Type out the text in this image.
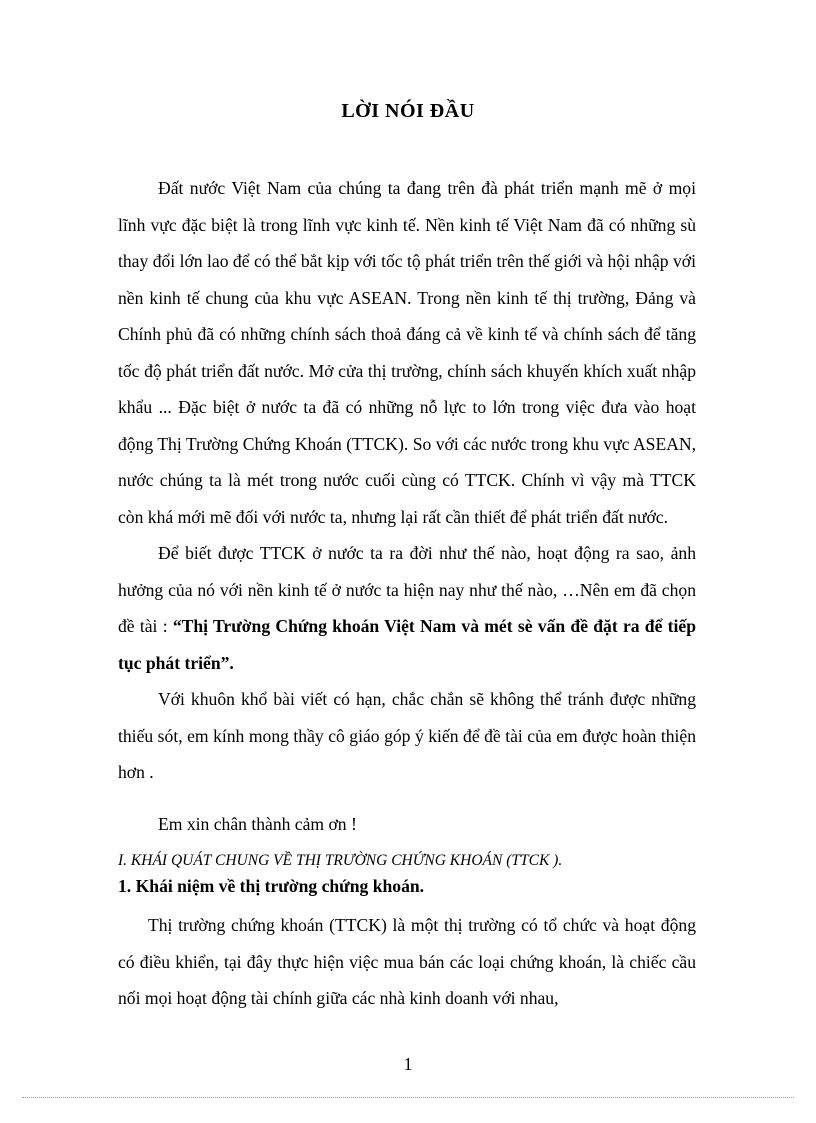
LỜI NÓI ĐẦU

Đất nước Việt Nam của chúng ta đang trên đà phát triển mạnh mẽ ở mọi lĩnh vực đặc biệt là trong lĩnh vực kinh tế. Nền kinh tế Việt Nam đã có những sù thay đổi lớn lao để có thể bắt kịp với tốc tộ phát triển trên thế giới và hội nhập với nền kinh tế chung của khu vực ASEAN. Trong nền kinh tế thị trường, Đảng và Chính phủ đã có những chính sách thoả đáng cả về kinh tế và chính sách để tăng tốc độ phát triển đất nước. Mở cửa thị trường, chính sách khuyến khích xuất nhập khẩu ... Đặc biệt ở nước ta đã có những nỗ lực to lớn trong việc đưa vào hoạt động Thị Trường Chứng Khoán (TTCK). So với các nước trong khu vực ASEAN, nước chúng ta là mét trong nước cuối cùng có TTCK. Chính vì vậy mà TTCK còn khá mới mẽ đối với nước ta, nhưng lại rất cần thiết để phát triển đất nước.

Để biết được TTCK ở nước ta ra đời như thế nào, hoạt động ra sao, ảnh hưởng của nó với nền kinh tế ở nước ta hiện nay như thế nào, …Nên em đã chọn đề tài : “Thị Trường Chứng khoán Việt Nam và mét sè vấn đề đặt ra để tiếp tục phát triển”.

Với khuôn khổ bài viết có hạn, chắc chắn sẽ không thể tránh được những thiếu sót, em kính mong thầy cô giáo góp ý kiến để đề tài của em được hoàn thiện hơn .

Em xin chân thành cảm ơn !
I. KHÁI QUÁT CHUNG VỀ THỊ TRƯỜNG CHỨNG KHOÁN (TTCK ).
1. Khái niệm về thị trường chứng khoán.

Thị trường chứng khoán (TTCK) là một thị trường có tổ chức và hoạt động có điều khiển, tại đây thực hiện việc mua bán các loại chứng khoán, là chiếc cầu nối mọi hoạt động tài chính giữa các nhà kinh doanh với nhau,

1
